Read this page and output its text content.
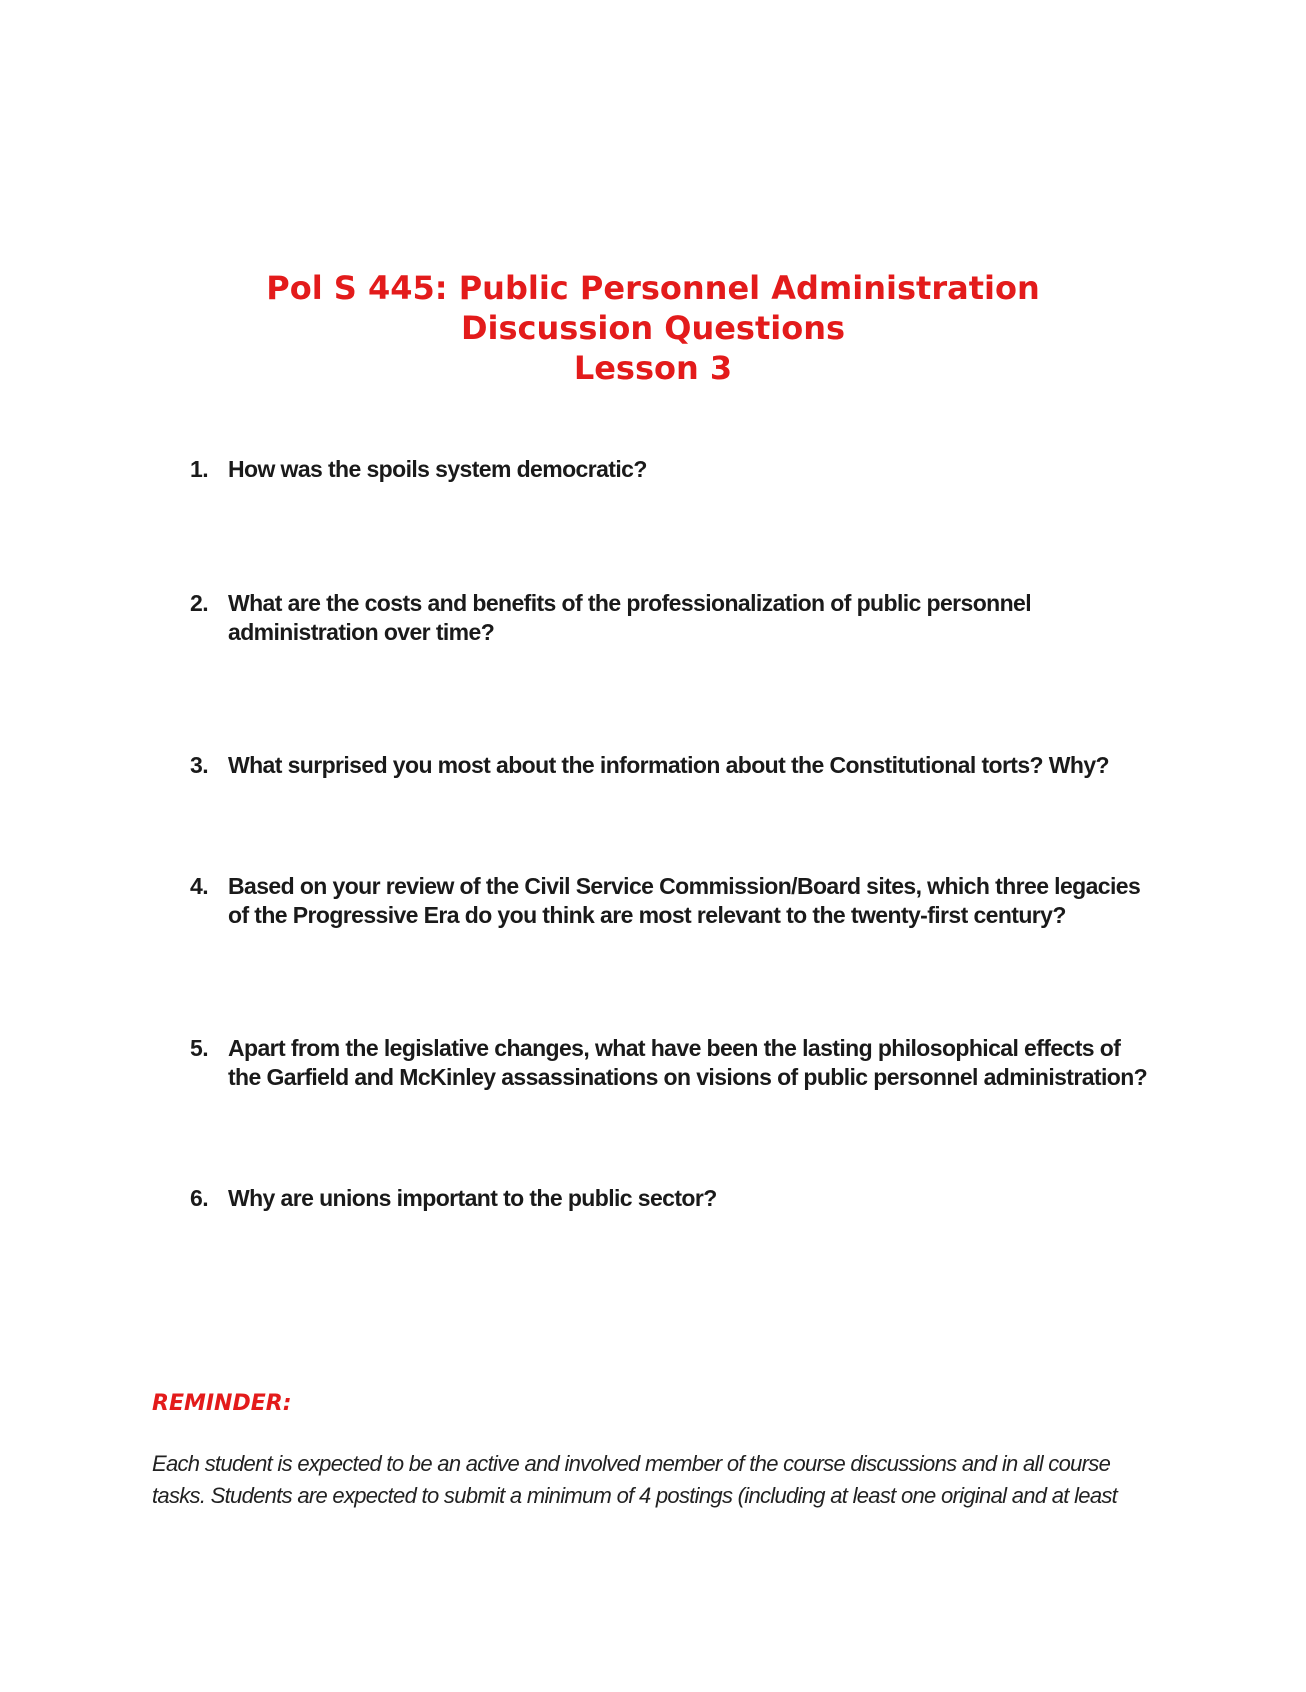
Pol S 445: Public Personnel Administration
Discussion Questions
Lesson 3
1. How was the spoils system democratic?
2. What are the costs and benefits of the professionalization of public personnel administration over time?
3. What surprised you most about the information about the Constitutional torts? Why?
4. Based on your review of the Civil Service Commission/Board sites, which three legacies of the Progressive Era do you think are most relevant to the twenty-first century?
5. Apart from the legislative changes, what have been the lasting philosophical effects of the Garfield and McKinley assassinations on visions of public personnel administration?
6. Why are unions important to the public sector?
REMINDER:
Each student is expected to be an active and involved member of the course discussions and in all course tasks. Students are expected to submit a minimum of 4 postings (including at least one original and at least
